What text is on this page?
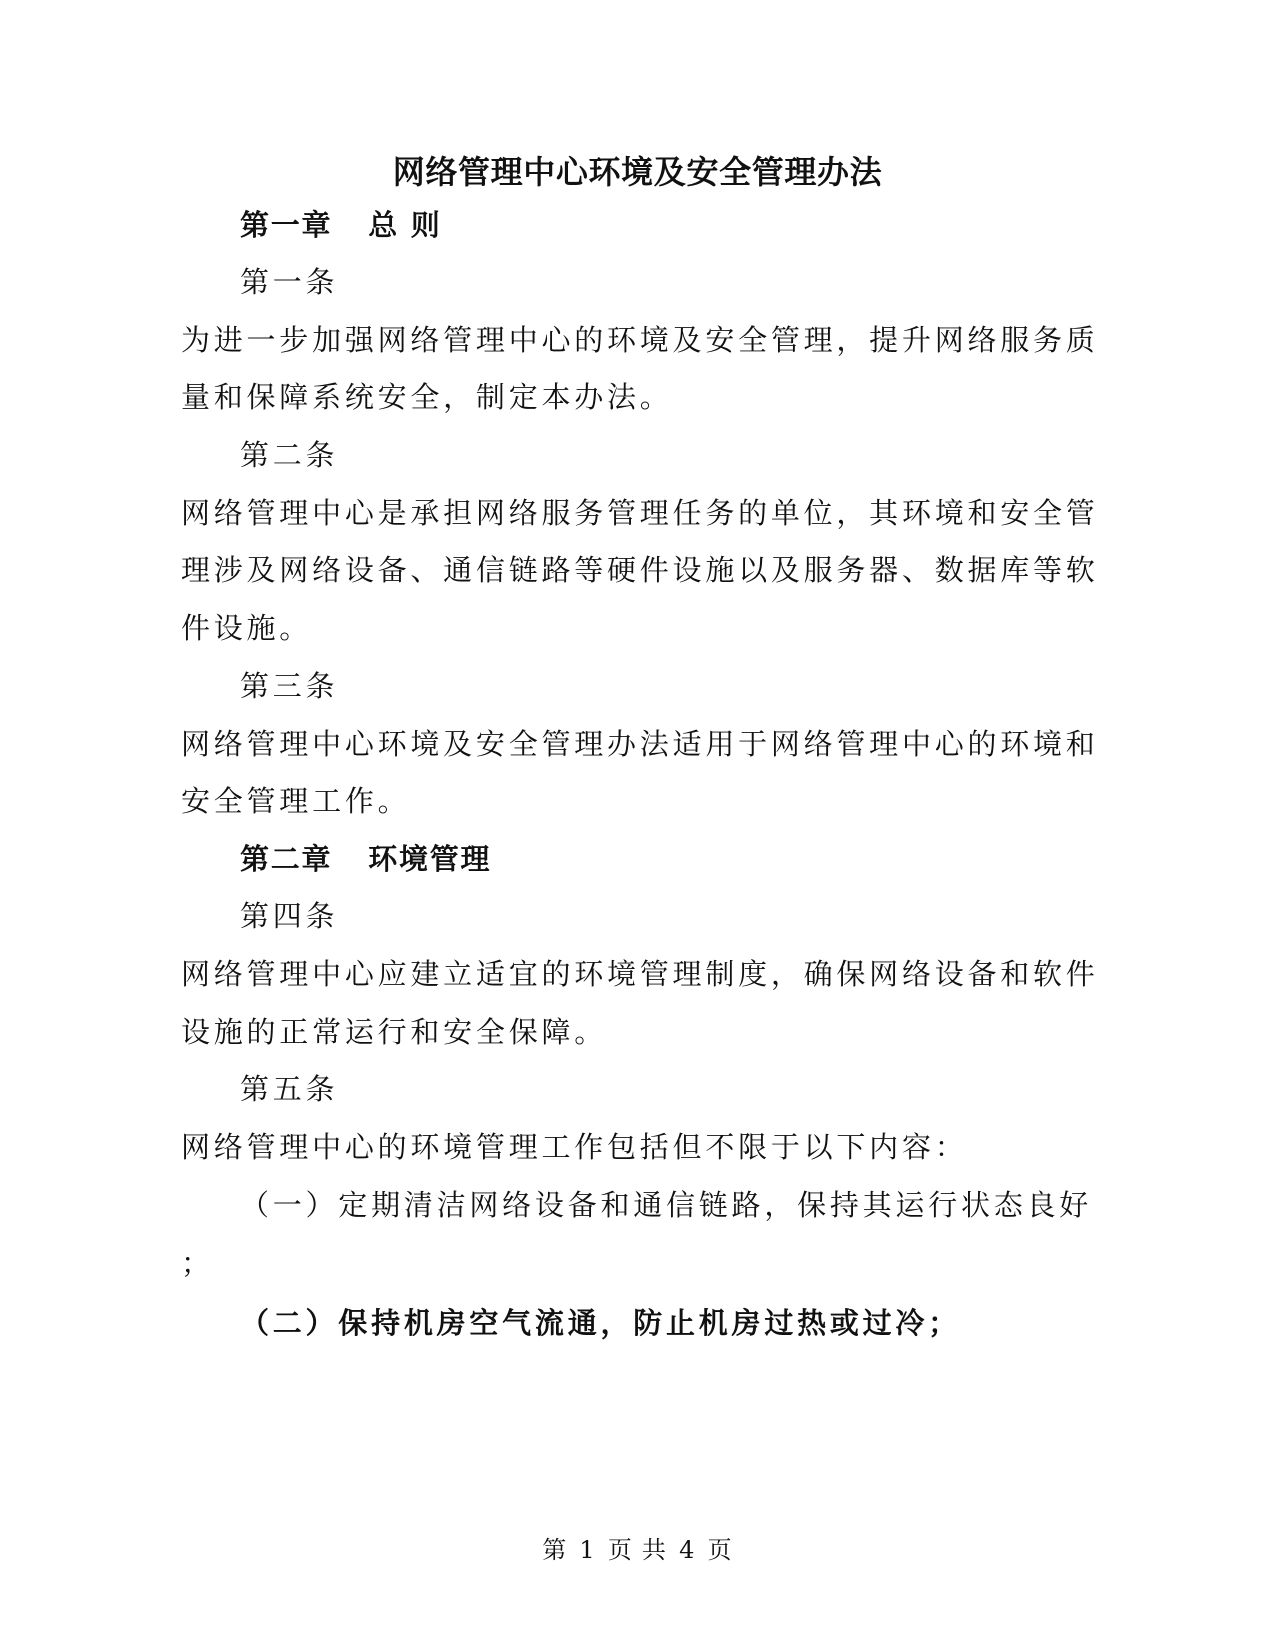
网络管理中心环境及安全管理办法
第一章 总 则
第一条
为进一步加强网络管理中心的环境及安全管理，提升网络服务质
量和保障系统安全，制定本办法。
第二条
网络管理中心是承担网络服务管理任务的单位，其环境和安全管
理涉及网络设备、通信链路等硬件设施以及服务器、数据库等软
件设施。
第三条
网络管理中心环境及安全管理办法适用于网络管理中心的环境和
安全管理工作。
第二章 环境管理
第四条
网络管理中心应建立适宜的环境管理制度，确保网络设备和软件
设施的正常运行和安全保障。
第五条
网络管理中心的环境管理工作包括但不限于以下内容：
（一）定期清洁网络设备和通信链路，保持其运行状态良好
；
（二）保持机房空气流通，防止机房过热或过冷；
第 1 页 共 4 页
